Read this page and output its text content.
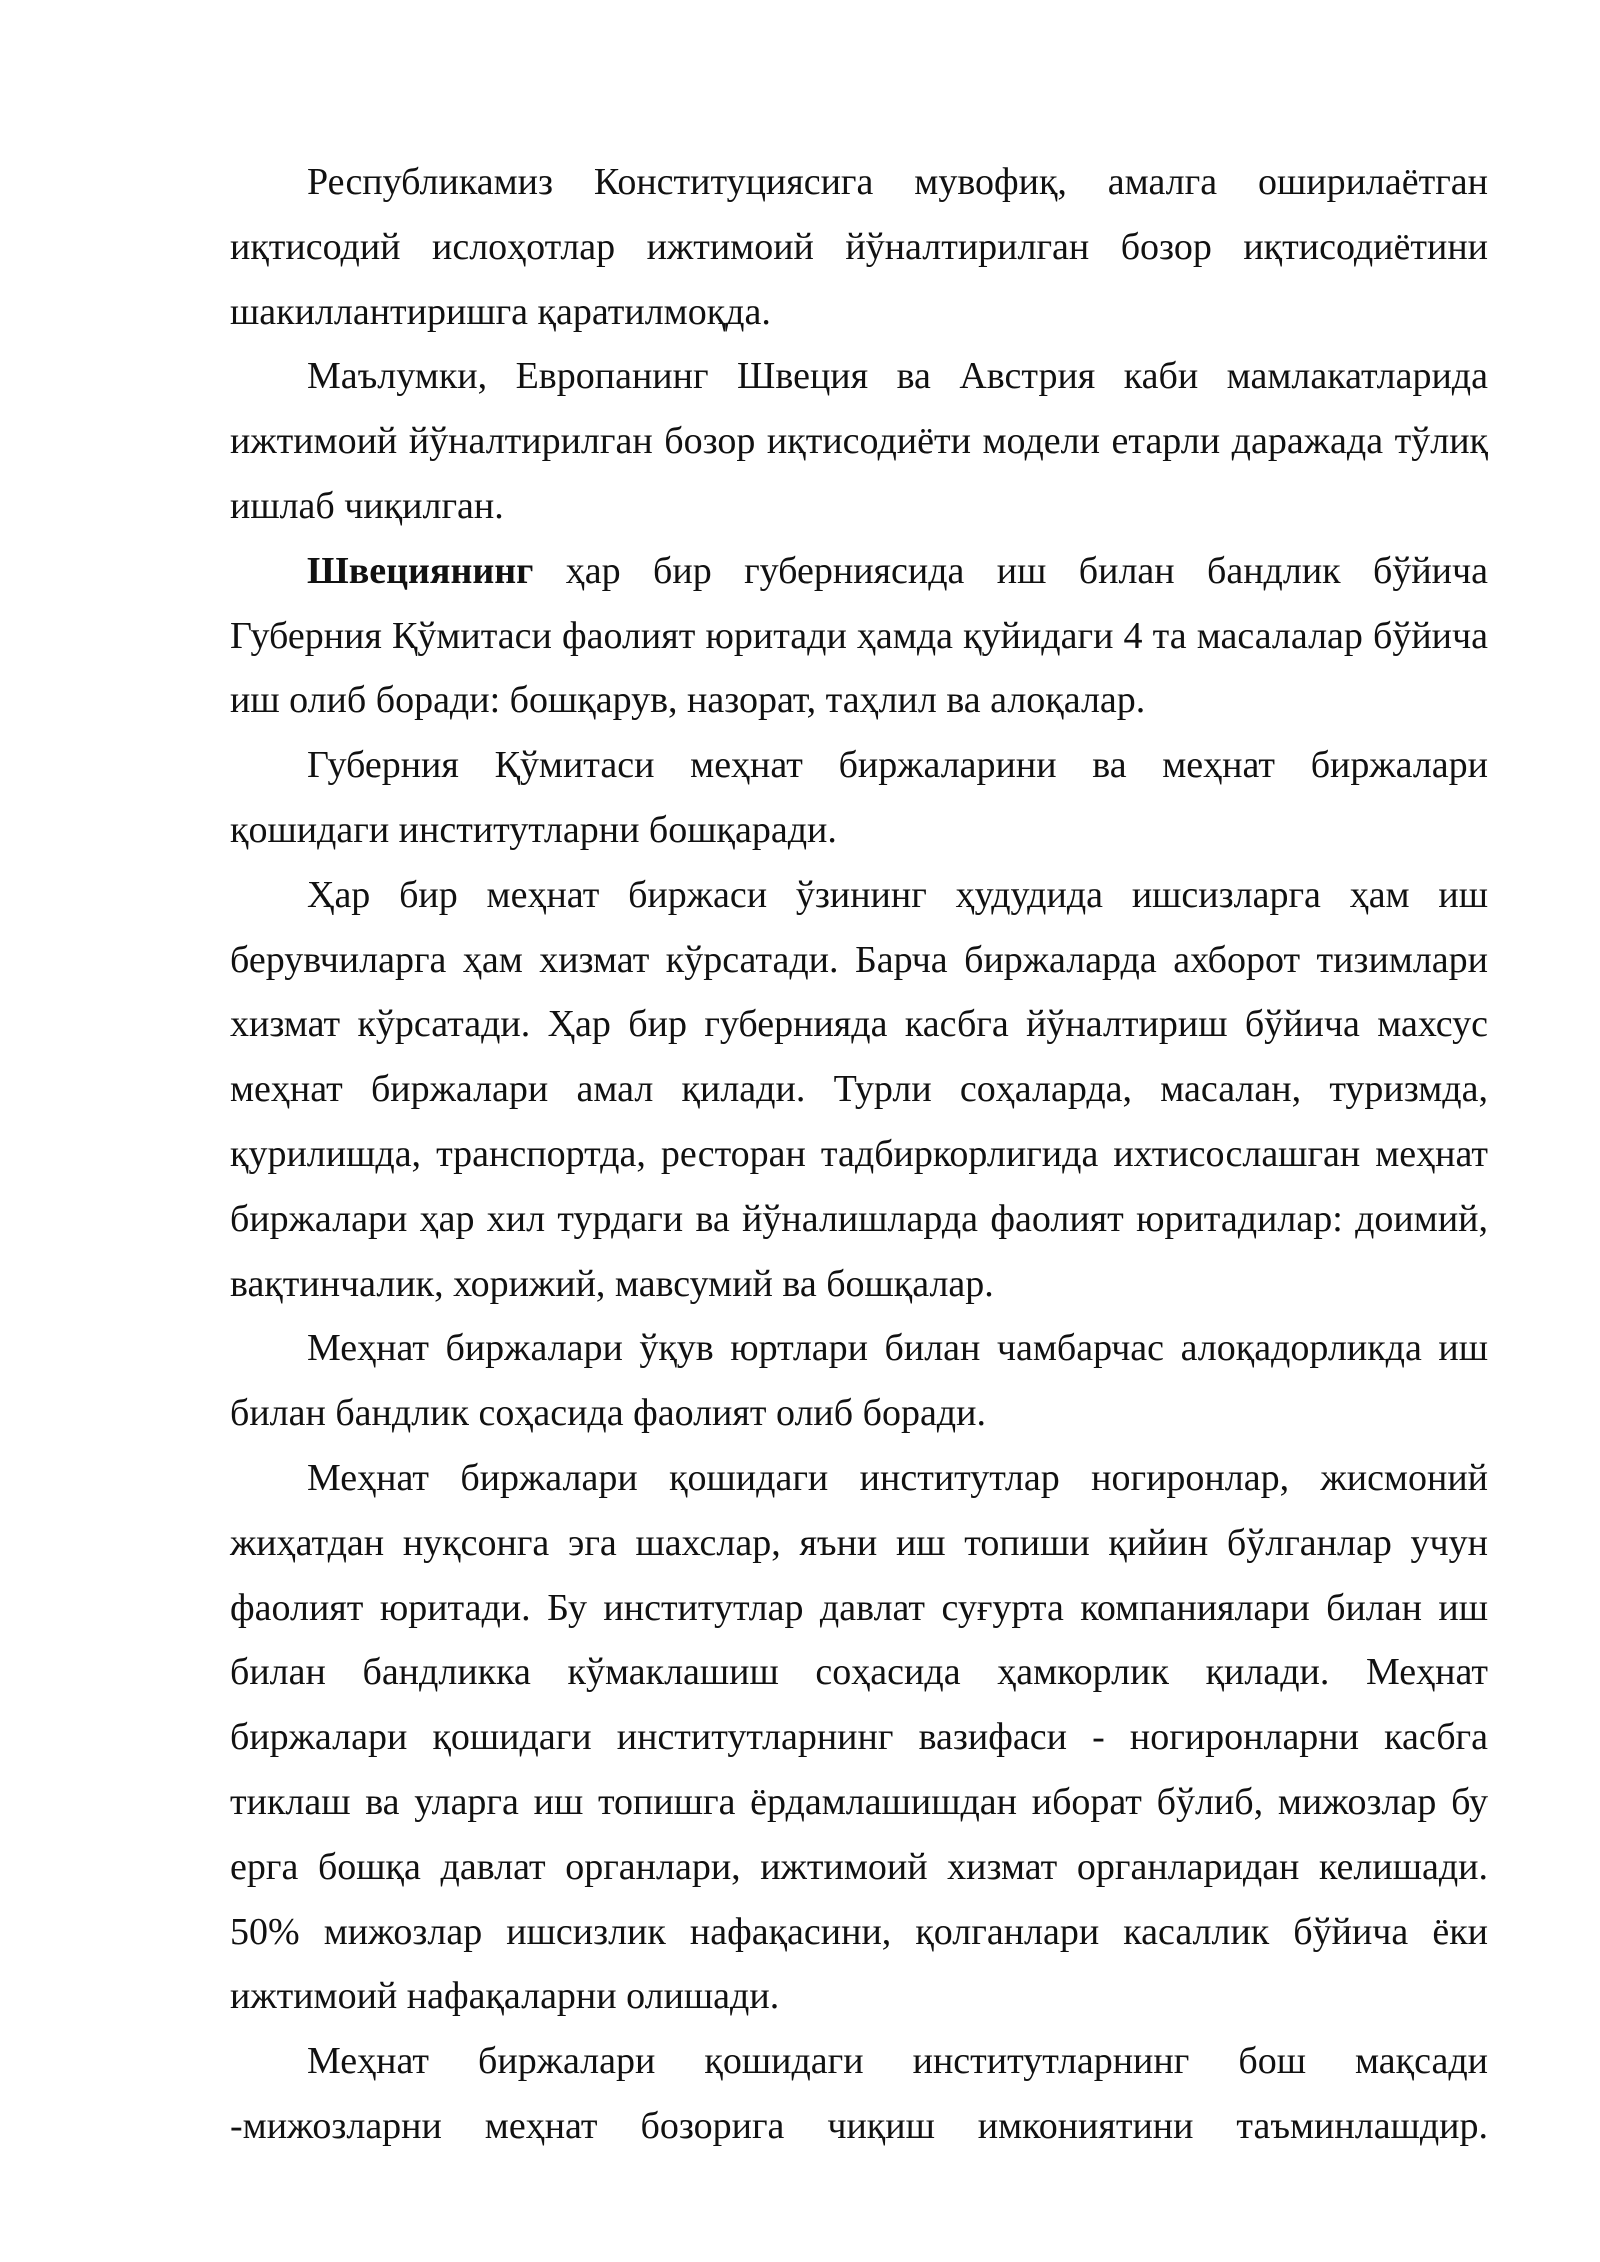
Республикамиз Конституциясига мувофиқ, амалга оширилаётган иқтисодий ислоҳотлар ижтимоий йўналтирилган бозор иқтисодиётини шакиллантиришга қаратилмоқда.

Маълумки, Европанинг Швеция ва Австрия каби мамлакатларида ижтимоий йўналтирилган бозор иқтисодиёти модели етарли даражада тўлиқ ишлаб чиқилган.

Швециянинг ҳар бир губерниясида иш билан бандлик бўйича Губерния Қўмитаси фаолият юритади ҳамда қуйидаги 4 та масалалар бўйича иш олиб боради: бошқарув, назорат, таҳлил ва алоқалар.

Губерния Қўмитаси меҳнат биржаларини ва меҳнат биржалари қошидаги институтларни бошқаради.

Ҳар бир меҳнат биржаси ўзининг ҳудудида ишсизларга ҳам иш берувчиларга ҳам хизмат кўрсатади. Барча биржаларда ахборот тизимлари хизмат кўрсатади. Ҳар бир губернияда касбга йўналтириш бўйича махсус меҳнат биржалари амал қилади. Турли соҳаларда, масалан, туризмда, қурилишда, транспортда, ресторан тадбиркорлигида ихтисослашган меҳнат биржалари ҳар хил турдаги ва йўналишларда фаолият юритадилар: доимий, вақтинчалик, хорижий, мавсумий ва бошқалар.

Меҳнат биржалари ўқув юртлари билан чамбарчас алоқадорликда иш билан бандлик соҳасида фаолият олиб боради.

Меҳнат биржалари қошидаги институтлар ногиронлар, жисмоний жиҳатдан нуқсонга эга шахслар, яъни иш топиши қийин бўлганлар учун фаолият юритади. Бу институтлар давлат суғурта компаниялари билан иш билан бандликка кўмаклашиш соҳасида ҳамкорлик қилади. Меҳнат биржалари қошидаги институтларнинг вазифаси - ногиронларни касбга тиклаш ва уларга иш топишга ёрдамлашишдан иборат бўлиб, мижозлар бу ерга бошқа давлат органлари, ижтимоий хизмат органларидан келишади. 50% мижозлар ишсизлик нафақасини, қолганлари касаллик бўйича ёки ижтимоий нафақаларни олишади.

Меҳнат биржалари қошидаги институтларнинг бош мақсади -мижозларни меҳнат бозорига чиқиш имкониятини таъминлашдир.
